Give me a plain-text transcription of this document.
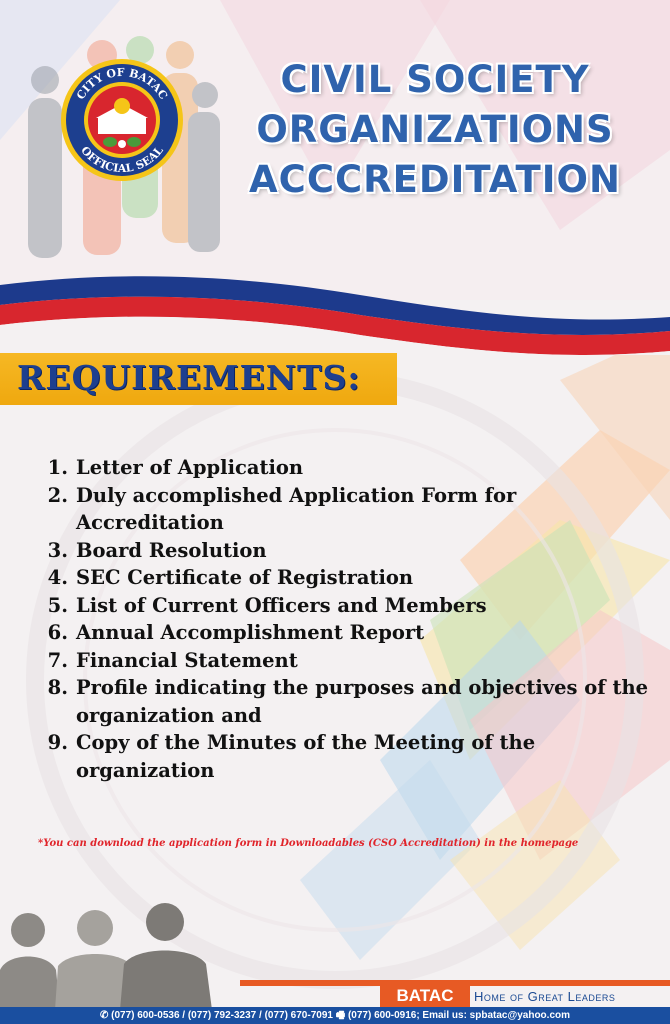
CITY OF BATAC
OFFICIAL SEAL
CIVIL SOCIETY
ORGANIZATIONS
ACCCREDITATION
REQUIREMENTS:
1. Letter of Application
2. Duly accomplished Application Form for Accreditation
3. Board Resolution
4. SEC Certificate of Registration
5. List of Current Officers and Members
6. Annual Accomplishment Report
7. Financial Statement
8. Profile indicating the purposes and objectives of the organization and
9. Copy of the Minutes of the Meeting of the organization
*You can download the application form in Downloadables (CSO Accreditation) in the homepage
BATAC	Home of Great Leaders
✆ (077) 600-0536 / (077) 792-3237 / (077) 670-7091 🖷 (077) 600-0916; Email us: spbatac@yahoo.com
